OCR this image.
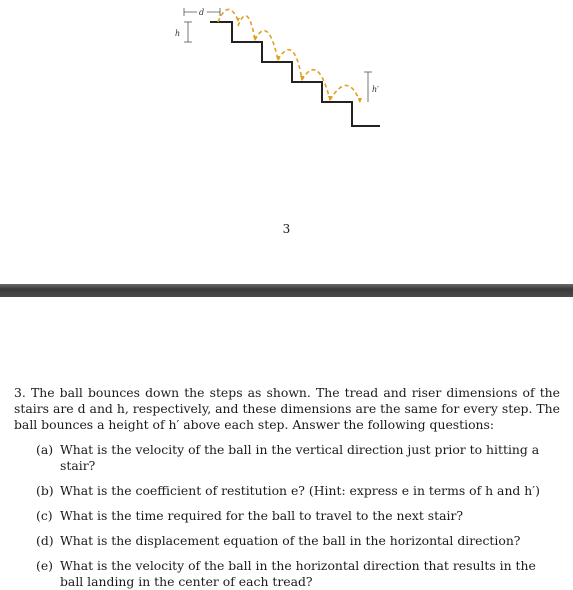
d
h
h′
3

3. The ball bounces down the steps as shown. The tread and riser dimensions of the stairs are d and h, respectively, and these dimensions are the same for every step. The ball bounces a height of h′ above each step. Answer the following questions:

(a) What is the velocity of the ball in the vertical direction just prior to hitting a stair?
(b) What is the coefficient of restitution e? (Hint: express e in terms of h and h′)
(c) What is the time required for the ball to travel to the next stair?
(d) What is the displacement equation of the ball in the horizontal direction?
(e) What is the velocity of the ball in the horizontal direction that results in the ball landing in the center of each tread?
